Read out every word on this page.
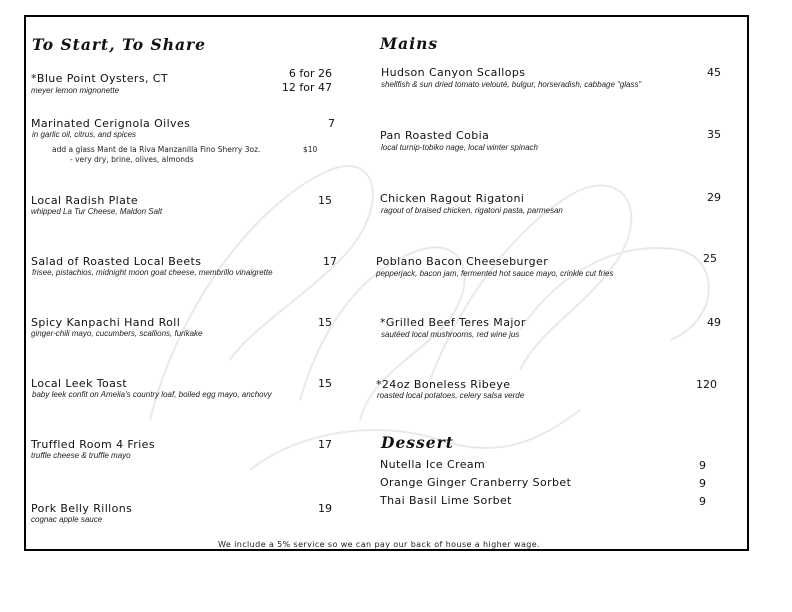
To Start, To Share
*Blue Point Oysters, CT
meyer lemon mignonette
6 for 26
12 for 47
Marinated Cerignola Oilves
in garlic oil, citrus, and spices
7
add a glass Mant de la Riva Manzanilla Fino Sherry 3oz.	$10
- very dry, brine, olives, almonds
Local Radish Plate
whipped La Tur Cheese, Maldon Salt
15
Salad of Roasted Local Beets
frisee, pistachios, midnight moon goat cheese, membrillo vinaigrette
17
Spicy Kanpachi Hand Roll
ginger-chili mayo, cucumbers, scallions, furikake
15
Local Leek Toast
baby leek confit on Amelia's country loaf, boiled egg mayo, anchovy
15
Truffled Room 4 Fries
truffle cheese & truffle mayo
17
Pork Belly Rillons
cognac apple sauce
19
Mains
Hudson Canyon Scallops
shellfish & sun dried tomato velouté, bulgur, horseradish, cabbage “glass”
45
Pan Roasted Cobia
local turnip-tobiko nage, local winter spinach
35
Chicken Ragout Rigatoni
ragout of braised chicken, rigatoni pasta, parmesan
29
Poblano Bacon Cheeseburger
pepperjack, bacon jam, fermented hot sauce mayo, crinkle cut fries
25
*Grilled Beef Teres Major
sautéed local mushrooms, red wine jus
49
*24oz Boneless Ribeye
roasted local potatoes, celery salsa verde
120
Dessert
Nutella Ice Cream	9
Orange Ginger Cranberry Sorbet	9
Thai Basil Lime Sorbet	9
We include a 5% service so we can pay our back of house a higher wage.
